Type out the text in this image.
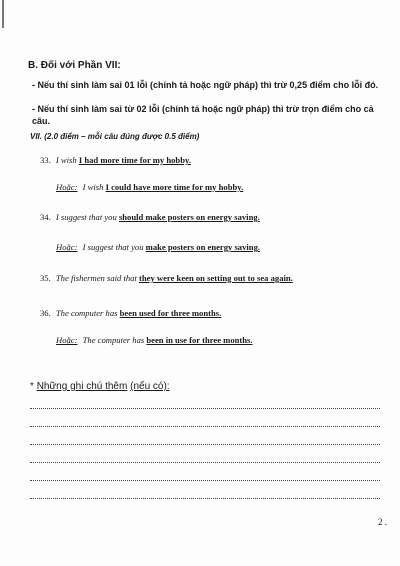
B. Đối với Phần VII:
- Nếu thí sinh làm sai 01 lỗi (chính tả hoặc ngữ pháp) thì trừ 0,25 điểm cho lỗi đó.
- Nếu thí sinh làm sai từ 02 lỗi (chính tả hoặc ngữ pháp) thì trừ trọn điểm cho cả câu.
VII. (2.0 điểm – mỗi câu đúng được 0.5 điểm)
33. I wish I had more time for my hobby.
Hoặc: I wish I could have more time for my hobby.
34. I suggest that you should make posters on energy saving.
Hoặc: I suggest that you make posters on energy saving.
35. The fishermen said that they were keen on setting out to sea again.
36. The computer has been used for three months.
Hoặc: The computer has been in use for three months.
* Những ghi chú thêm (nếu có):
2 .
